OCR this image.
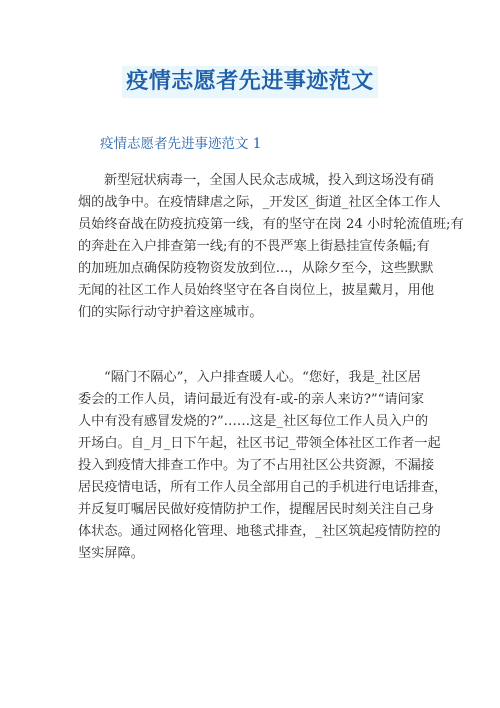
疫情志愿者先进事迹范文
疫情志愿者先进事迹范文 1
新型冠状病毒一，全国人民众志成城，投入到这场没有硝
烟的战争中。在疫情肆虐之际，_开发区_街道_社区全体工作人
员始终奋战在防疫抗疫第一线，有的坚守在岗 24 小时轮流值班;有
的奔赴在入户排查第一线;有的不畏严寒上街悬挂宣传条幅;有
的加班加点确保防疫物资发放到位...，从除夕至今，这些默默
无闻的社区工作人员始终坚守在各自岗位上，披星戴月，用他
们的实际行动守护着这座城市。
“隔门不隔心”，入户排查暖人心。“您好，我是_社区居
委会的工作人员，请问最近有没有-或-的亲人来访?”“请问家
人中有没有感冒发烧的?”……这是_社区每位工作人员入户的
开场白。自_月_日下午起，社区书记_带领全体社区工作者一起
投入到疫情大排查工作中。为了不占用社区公共资源，不漏接
居民疫情电话，所有工作人员全部用自己的手机进行电话排查，
并反复叮嘱居民做好疫情防护工作，提醒居民时刻关注自己身
体状态。通过网格化管理、地毯式排查，_社区筑起疫情防控的
坚实屏障。
